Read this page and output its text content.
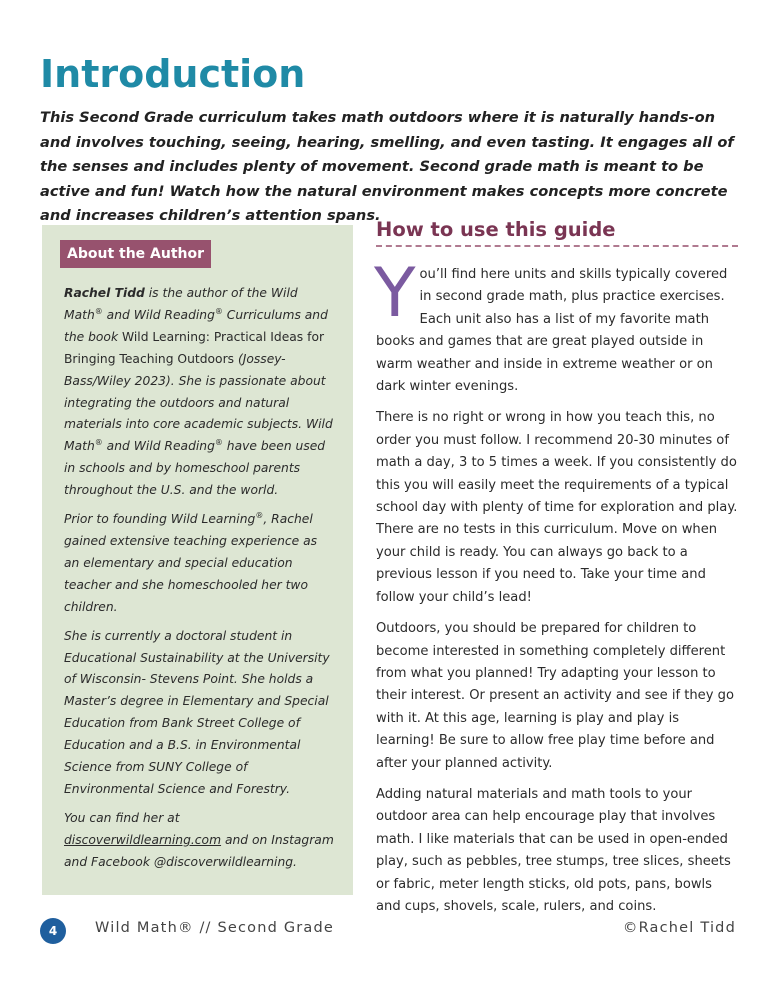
Introduction

This Second Grade curriculum takes math outdoors where it is naturally hands-on and involves touching, seeing, hearing, smelling, and even tasting. It engages all of the senses and includes plenty of movement. Second grade math is meant to be active and fun! Watch how the natural environment makes concepts more concrete and increases children’s attention spans.

About the Author

Rachel Tidd is the author of the Wild Math® and Wild Reading® Curriculums and the book Wild Learning: Practical Ideas for Bringing Teaching Outdoors (Jossey-Bass/Wiley 2023). She is passionate about integrating the outdoors and natural materials into core academic subjects. Wild Math® and Wild Reading® have been used in schools and by homeschool parents throughout the U.S. and the world.

Prior to founding Wild Learning®, Rachel gained extensive teaching experience as an elementary and special education teacher and she homeschooled her two children.

She is currently a doctoral student in Educational Sustainability at the University of Wisconsin- Stevens Point. She holds a Master’s degree in Elementary and Special Education from Bank Street College of Education and a B.S. in Environmental Science from SUNY College of Environmental Science and Forestry.

You can find her at discoverwildlearning.com and on Instagram and Facebook @discoverwildlearning.

How to use this guide

You’ll find here units and skills typically covered in second grade math, plus practice exercises. Each unit also has a list of my favorite math books and games that are great played outside in warm weather and inside in extreme weather or on dark winter evenings.

There is no right or wrong in how you teach this, no order you must follow. I recommend 20-30 minutes of math a day, 3 to 5 times a week. If you consistently do this you will easily meet the requirements of a typical school day with plenty of time for exploration and play. There are no tests in this curriculum. Move on when your child is ready. You can always go back to a previous lesson if you need to. Take your time and follow your child’s lead!

Outdoors, you should be prepared for children to become interested in something completely different from what you planned! Try adapting your lesson to their interest. Or present an activity and see if they go with it. At this age, learning is play and play is learning! Be sure to allow free play time before and after your planned activity.

Adding natural materials and math tools to your outdoor area can help encourage play that involves math. I like materials that can be used in open-ended play, such as pebbles, tree stumps, tree slices, sheets or fabric, meter length sticks, old pots, pans, bowls and cups, shovels, scale, rulers, and coins.

4	Wild Math® // Second Grade	©Rachel Tidd
